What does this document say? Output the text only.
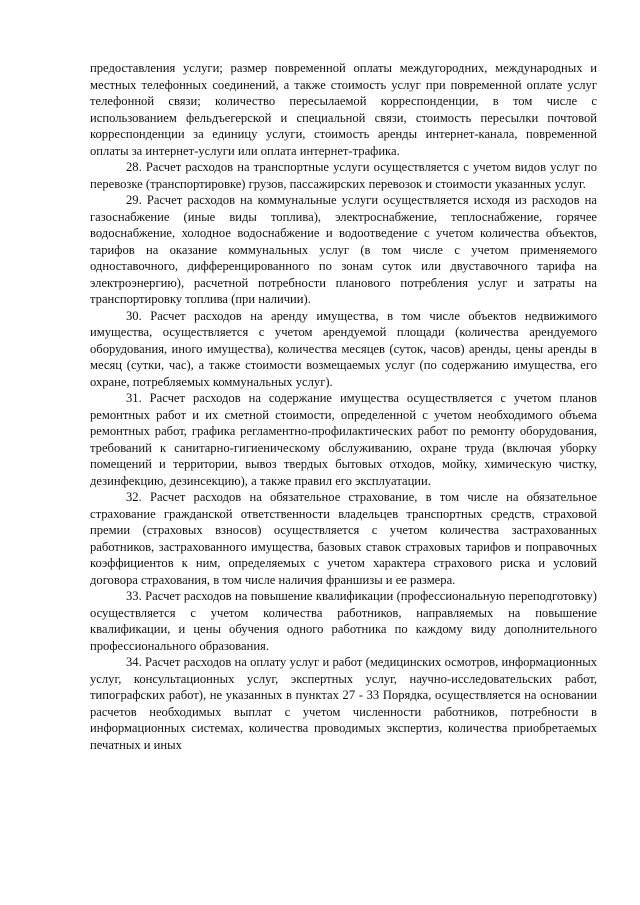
предоставления услуги; размер повременной оплаты междугородних, международных и местных телефонных соединений, а также стоимость услуг при повременной оплате услуг телефонной связи; количество пересылаемой корреспонденции, в том числе с использованием фельдъегерской и специальной связи, стоимость пересылки почтовой корреспонденции за единицу услуги, стоимость аренды интернет-канала, повременной оплаты за интернет-услуги или оплата интернет-трафика.

28. Расчет расходов на транспортные услуги осуществляется с учетом видов услуг по перевозке (транспортировке) грузов, пассажирских перевозок и стоимости указанных услуг.

29. Расчет расходов на коммунальные услуги осуществляется исходя из расходов на газоснабжение (иные виды топлива), электроснабжение, теплоснабжение, горячее водоснабжение, холодное водоснабжение и водоотведение с учетом количества объектов, тарифов на оказание коммунальных услуг (в том числе с учетом применяемого одноставочного, дифференцированного по зонам суток или двуставочного тарифа на электроэнергию), расчетной потребности планового потребления услуг и затраты на транспортировку топлива (при наличии).

30. Расчет расходов на аренду имущества, в том числе объектов недвижимого имущества, осуществляется с учетом арендуемой площади (количества арендуемого оборудования, иного имущества), количества месяцев (суток, часов) аренды, цены аренды в месяц (сутки, час), а также стоимости возмещаемых услуг (по содержанию имущества, его охране, потребляемых коммунальных услуг).

31. Расчет расходов на содержание имущества осуществляется с учетом планов ремонтных работ и их сметной стоимости, определенной с учетом необходимого объема ремонтных работ, графика регламентно-профилактических работ по ремонту оборудования, требований к санитарно-гигиеническому обслуживанию, охране труда (включая уборку помещений и территории, вывоз твердых бытовых отходов, мойку, химическую чистку, дезинфекцию, дезинсекцию), а также правил его эксплуатации.

32. Расчет расходов на обязательное страхование, в том числе на обязательное страхование гражданской ответственности владельцев транспортных средств, страховой премии (страховых взносов) осуществляется с учетом количества застрахованных работников, застрахованного имущества, базовых ставок страховых тарифов и поправочных коэффициентов к ним, определяемых с учетом характера страхового риска и условий договора страхования, в том числе наличия франшизы и ее размера.

33. Расчет расходов на повышение квалификации (профессиональную переподготовку) осуществляется с учетом количества работников, направляемых на повышение квалификации, и цены обучения одного работника по каждому виду дополнительного профессионального образования.

34. Расчет расходов на оплату услуг и работ (медицинских осмотров, информационных услуг, консультационных услуг, экспертных услуг, научно-исследовательских работ, типографских работ), не указанных в пунктах 27 - 33 Порядка, осуществляется на основании расчетов необходимых выплат с учетом численности работников, потребности в информационных системах, количества проводимых экспертиз, количества приобретаемых печатных и иных
